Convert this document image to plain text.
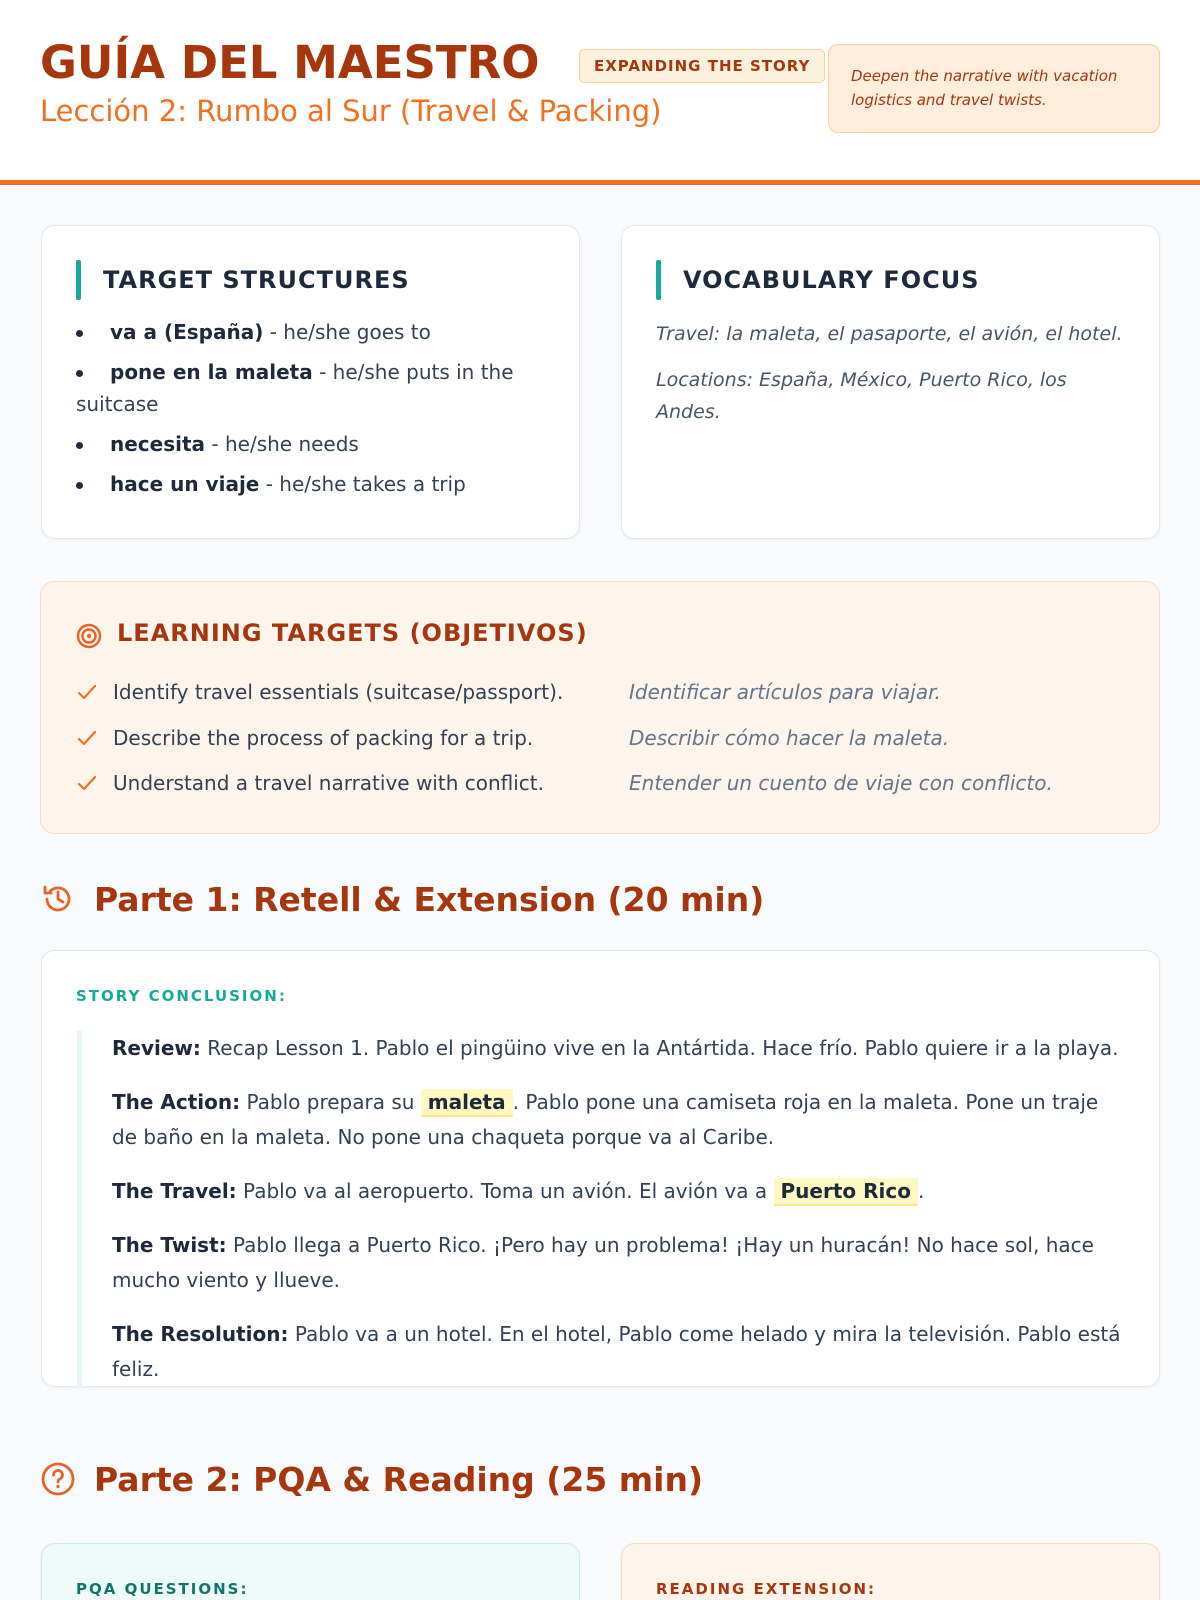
GUÍA DEL MAESTRO	EXPANDING THE STORY
Lección 2: Rumbo al Sur (Travel & Packing)
Deepen the narrative with vacation logistics and travel twists.
TARGET STRUCTURES
va a (España) - he/she goes to
pone en la maleta - he/she puts in the suitcase
necesita - he/she needs
hace un viaje - he/she takes a trip
VOCABULARY FOCUS
Travel: la maleta, el pasaporte, el avión, el hotel.
Locations: España, México, Puerto Rico, los Andes.
LEARNING TARGETS (OBJETIVOS)
Identify travel essentials (suitcase/passport).	Identificar artículos para viajar.
Describe the process of packing for a trip.	Describir cómo hacer la maleta.
Understand a travel narrative with conflict.	Entender un cuento de viaje con conflicto.
Parte 1: Retell & Extension (20 min)
STORY CONCLUSION:

Review: Recap Lesson 1. Pablo el pingüino vive en la Antártida. Hace frío. Pablo quiere ir a la playa.

The Action: Pablo prepara su maleta . Pablo pone una camiseta roja en la maleta. Pone un traje de baño en la maleta. No pone una chaqueta porque va al Caribe.

The Travel: Pablo va al aeropuerto. Toma un avión. El avión va a Puerto Rico .

The Twist: Pablo llega a Puerto Rico. ¡Pero hay un problema! ¡Hay un huracán! No hace sol, hace mucho viento y llueve.

The Resolution: Pablo va a un hotel. En el hotel, Pablo come helado y mira la televisión. Pablo está feliz.

Parte 2: PQA & Reading (25 min)
PQA QUESTIONS:	READING EXTENSION:
